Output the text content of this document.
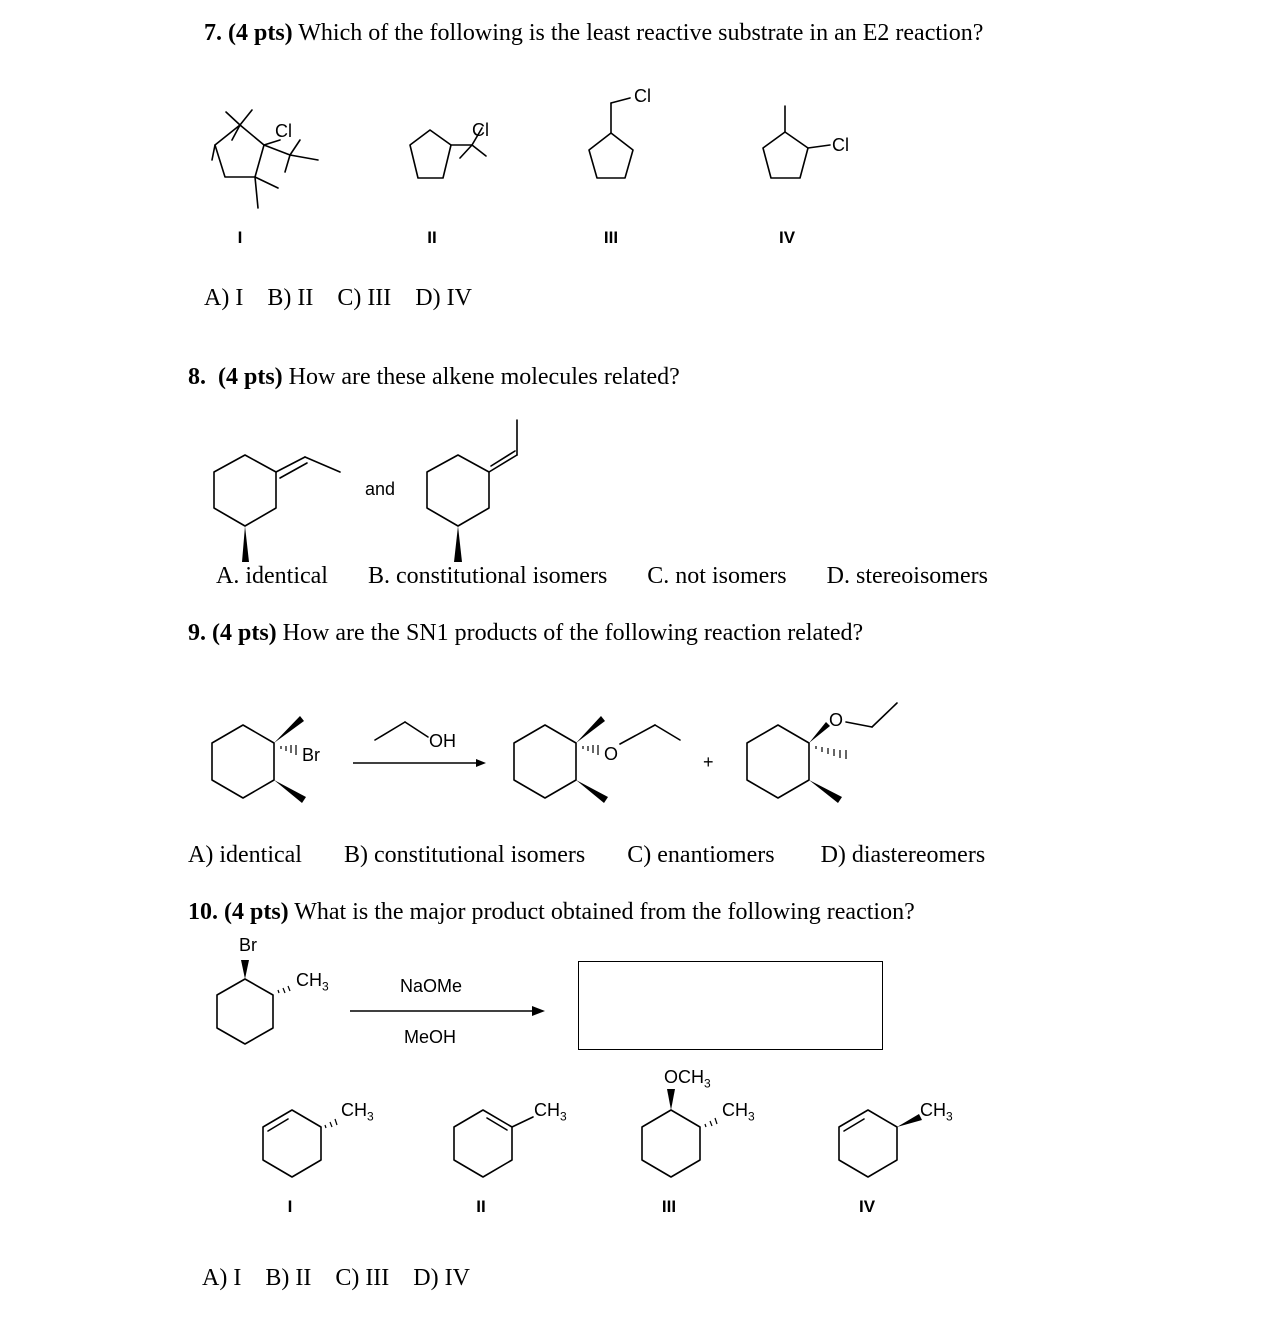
7. (4 pts) Which of the following is the least reactive substrate in an E2 reaction?
Cl	Cl
Cl
Cl
I	II	III	IV
A) I B) II C) III D) IV
8. (4 pts) How are these alkene molecules related?
and
A. identical B. constitutional isomers C. not isomers D. stereoisomers
9. (4 pts) How are the SN1 products of the following reaction related?
Br
OH
O	+
O
A) identical B) constitutional isomers C) enantiomers D) diastereomers
10. (4 pts) What is the major product obtained from the following reaction?
Br
$CH_3$	NaOMe
MeOH
$CH_3$	$CH_3$
$OCH_3$
$CH_3$	$CH_3$
I	II	III	IV
A) I B) II C) III D) IV
